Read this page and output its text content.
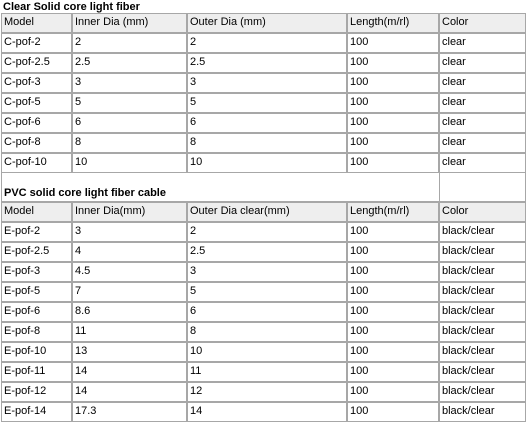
Clear Solid core light fiber
Model	Inner Dia (mm)	Outer Dia (mm)	Length(m/rl)	Color
C-pof-2	2	2	100	clear
C-pof-2.5	2.5	2.5	100	clear
C-pof-3	3	3	100	clear
C-pof-5	5	5	100	clear
C-pof-6	6	6	100	clear
C-pof-8	8	8	100	clear
C-pof-10	10	10	100	clear
PVC solid core light fiber cable
Model	Inner Dia(mm)	Outer Dia clear(mm)	Length(m/rl)	Color
E-pof-2	3	2	100	black/clear
E-pof-2.5	4	2.5	100	black/clear
E-pof-3	4.5	3	100	black/clear
E-pof-5	7	5	100	black/clear
E-pof-6	8.6	6	100	black/clear
E-pof-8	11	8	100	black/clear
E-pof-10	13	10	100	black/clear
E-pof-11	14	11	100	black/clear
E-pof-12	14	12	100	black/clear
E-pof-14	17.3	14	100	black/clear
